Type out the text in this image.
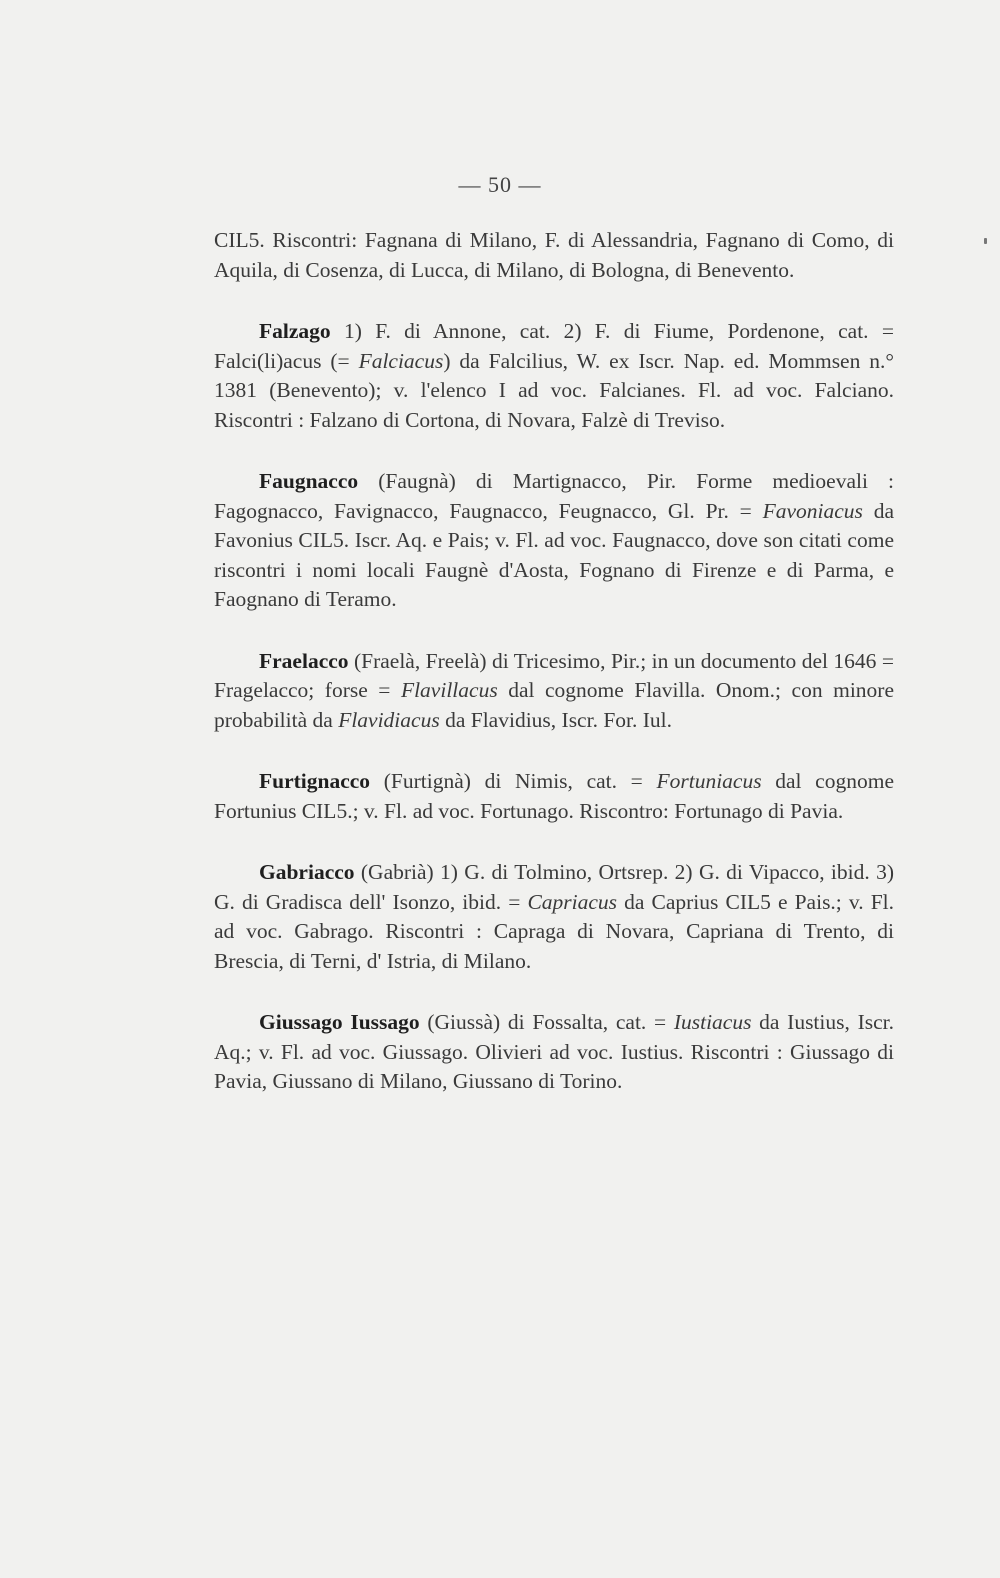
— 50 —

CIL5. Riscontri: Fagnana di Milano, F. di Alessandria, Fagnano di Como, di Aquila, di Cosenza, di Lucca, di Milano, di Bologna, di Benevento.

Falzago 1) F. di Annone, cat. 2) F. di Fiume, Pordenone, cat. = Falci(li)acus (= Falciacus) da Falcilius, W. ex Iscr. Nap. ed. Mommsen n.° 1381 (Benevento); v. l'elenco I ad voc. Falcianes. Fl. ad voc. Falciano. Riscontri : Falzano di Cortona, di Novara, Falzè di Treviso.

Faugnacco (Faugnà) di Martignacco, Pir. Forme medioevali : Fagognacco, Favignacco, Faugnacco, Feugnacco, Gl. Pr. = Favoniacus da Favonius CIL5. Iscr. Aq. e Pais; v. Fl. ad voc. Faugnacco, dove son citati come riscontri i nomi locali Faugnè d'Aosta, Fognano di Firenze e di Parma, e Faognano di Teramo.

Fraelacco (Fraelà, Freelà) di Tricesimo, Pir.; in un documento del 1646 = Fragelacco; forse = Flavillacus dal cognome Flavilla. Onom.; con minore probabilità da Flavidiacus da Flavidius, Iscr. For. Iul.

Furtignacco (Furtignà) di Nimis, cat. = Fortuniacus dal cognome Fortunius CIL5.; v. Fl. ad voc. Fortunago. Riscontro: Fortunago di Pavia.

Gabriacco (Gabrià) 1) G. di Tolmino, Ortsrep. 2) G. di Vipacco, ibid. 3) G. di Gradisca dell' Isonzo, ibid. = Capriacus da Caprius CIL5 e Pais.; v. Fl. ad voc. Gabrago. Riscontri : Capraga di Novara, Capriana di Trento, di Brescia, di Terni, d' Istria, di Milano.

Giussago Iussago (Giussà) di Fossalta, cat. = Iustiacus da Iustius, Iscr. Aq.; v. Fl. ad voc. Giussago. Olivieri ad voc. Iustius. Riscontri : Giussago di Pavia, Giussano di Milano, Giussano di Torino.
